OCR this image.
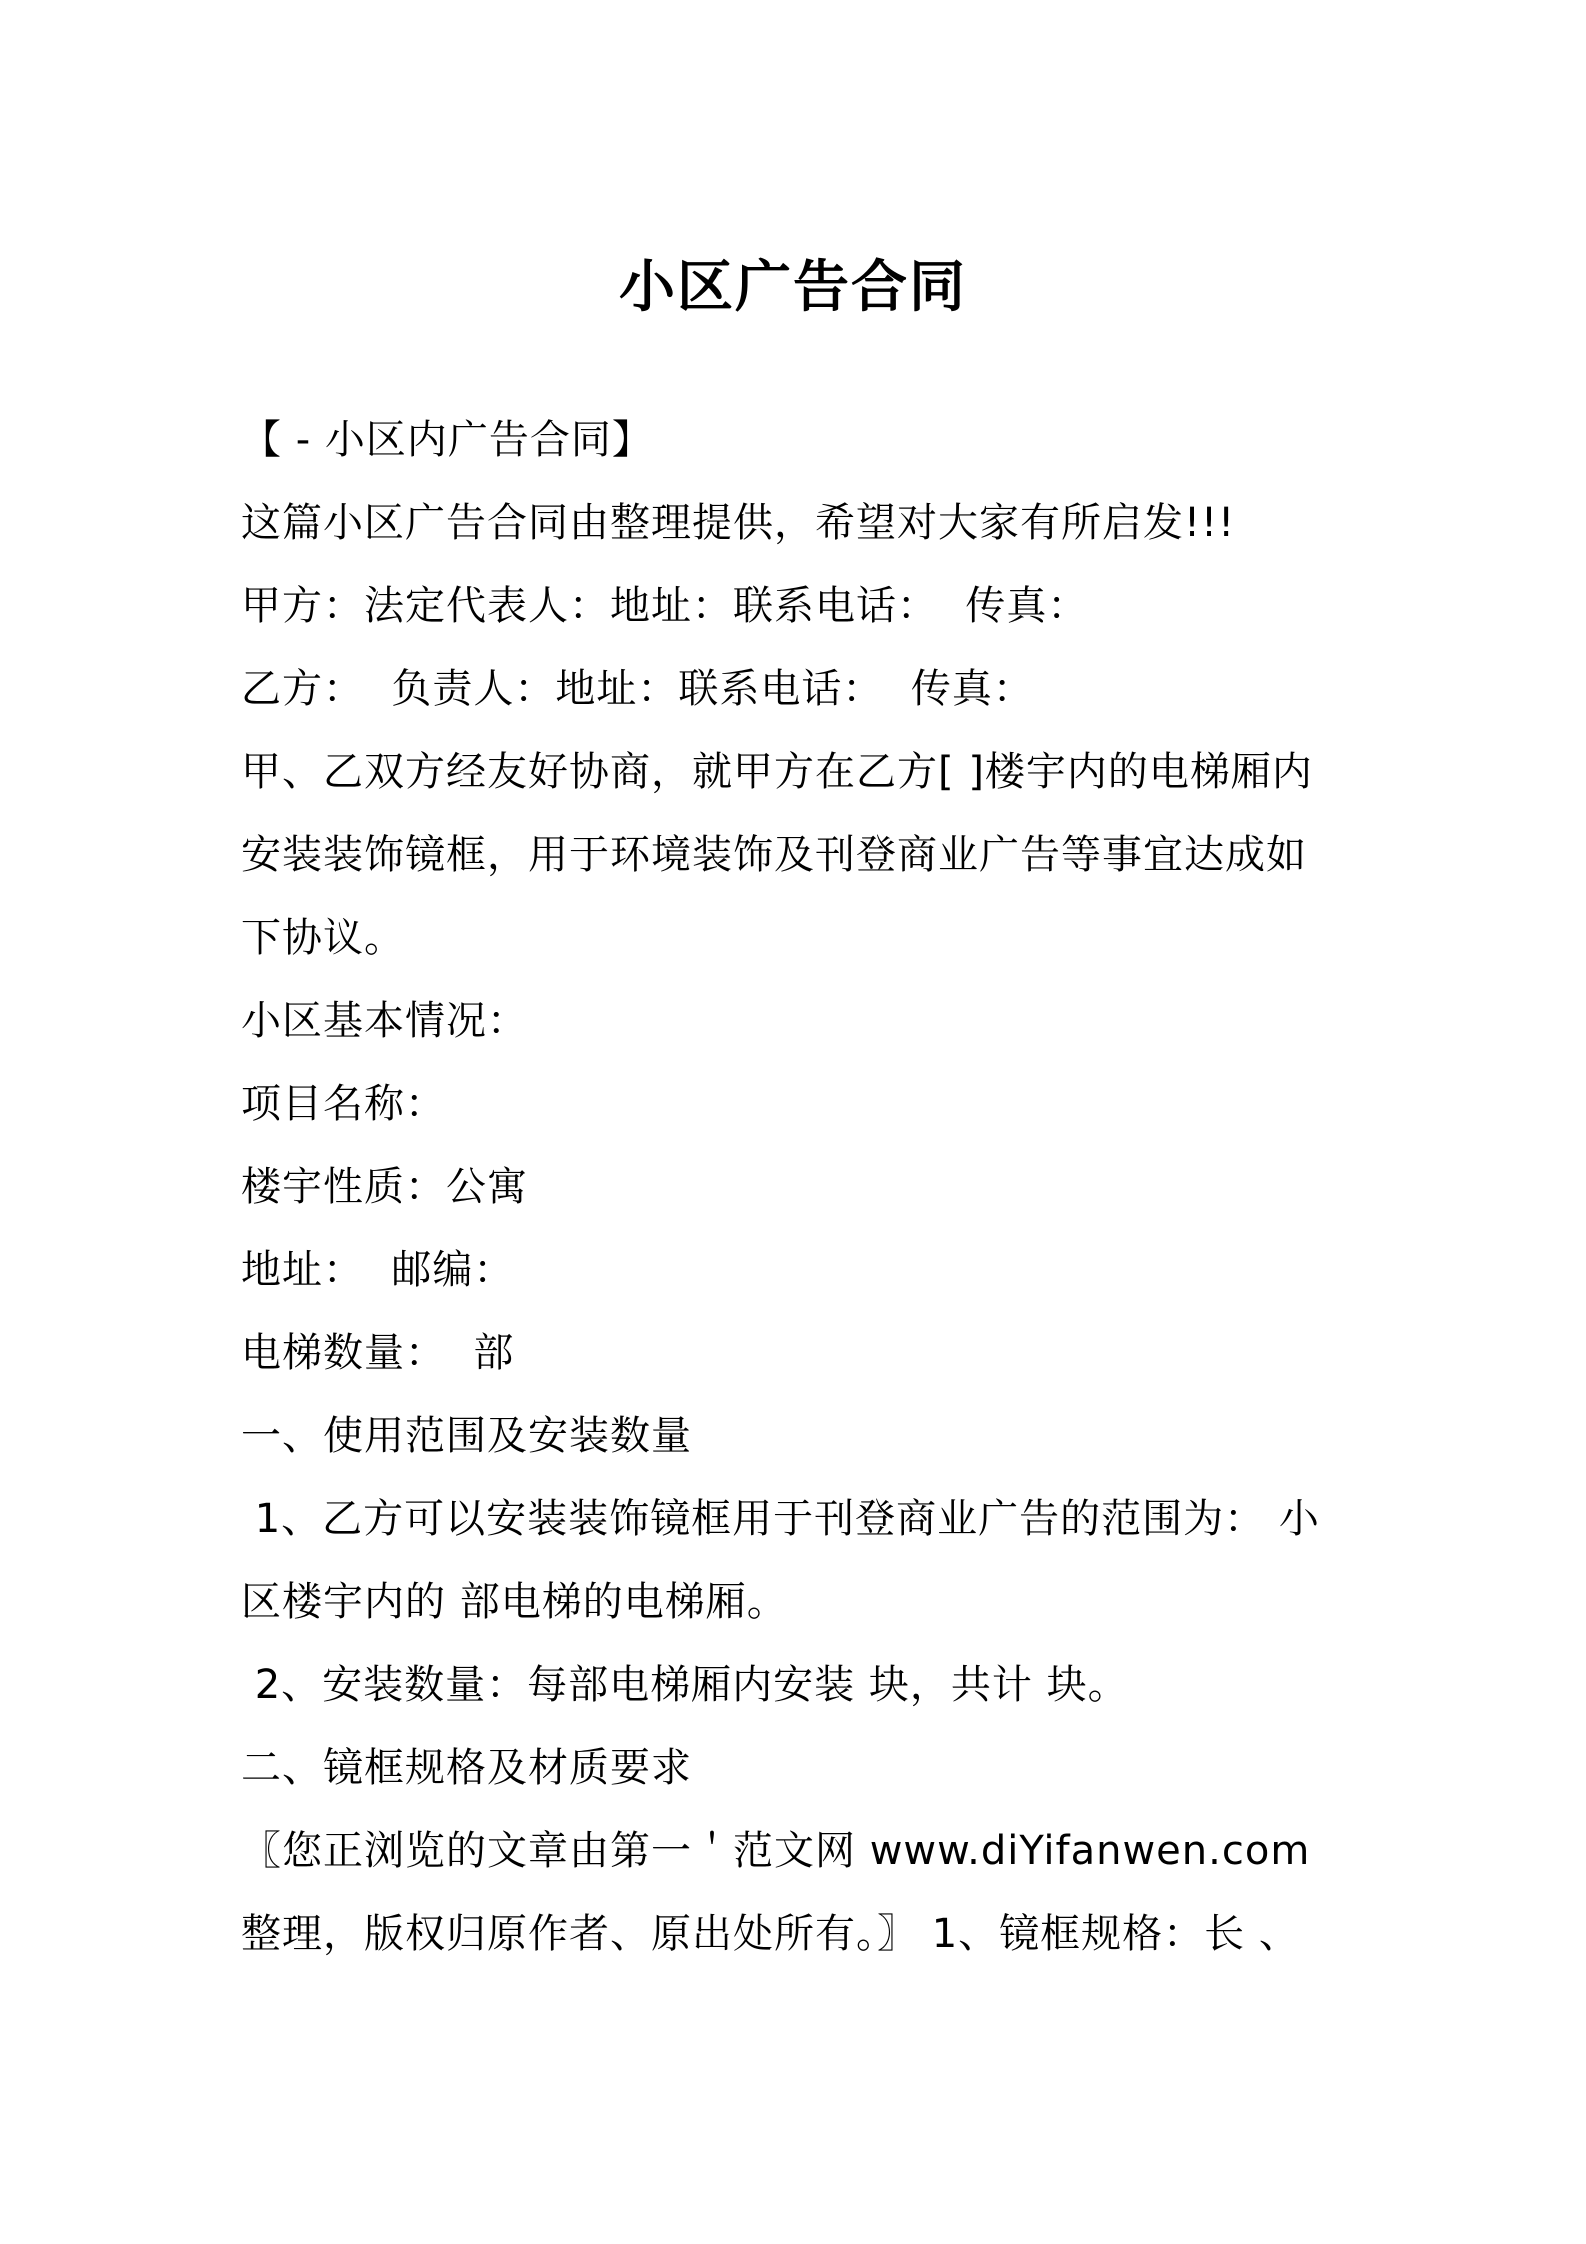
小区广告合同
【 - 小区内广告合同】
这篇小区广告合同由整理提供，希望对大家有所启发!!!
甲方：法定代表人：地址：联系电话：  传真：
乙方：  负责人：地址：联系电话：  传真：
甲、乙双方经友好协商，就甲方在乙方[ ]楼宇内的电梯厢内
安装装饰镜框，用于环境装饰及刊登商业广告等事宜达成如
下协议。
小区基本情况：
项目名称：
楼宇性质：公寓
地址：  邮编：
电梯数量：  部
一、使用范围及安装数量
1、乙方可以安装装饰镜框用于刊登商业广告的范围为： 小
区楼宇内的 部电梯的电梯厢。
2、安装数量：每部电梯厢内安装 块，共计 块。
二、镜框规格及材质要求
〖您正浏览的文章由第一＇范文网 www.diYifanwen.com
整理，版权归原作者、原出处所有。〗 1、镜框规格：长 、
